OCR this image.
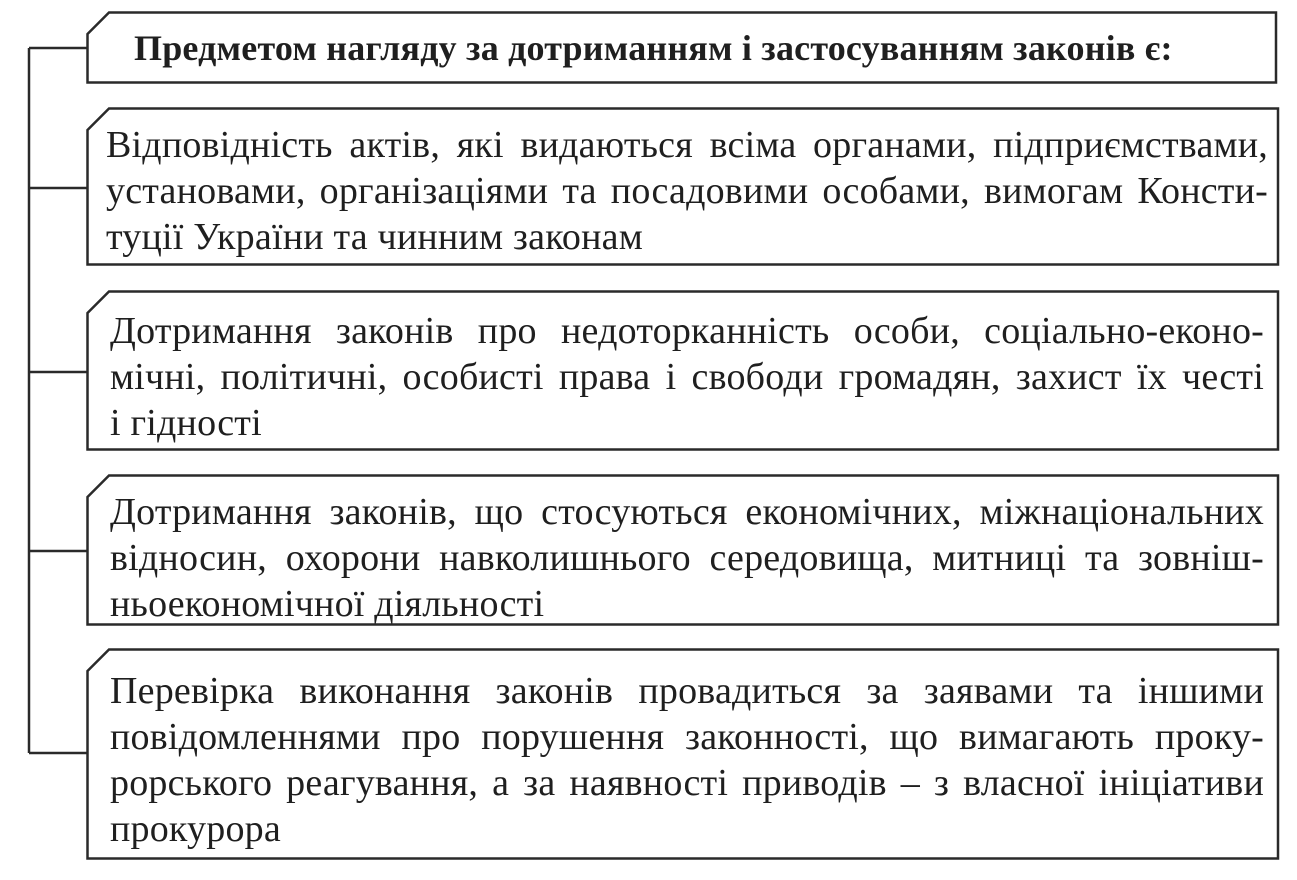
Предметом нагляду за дотриманням і застосуванням законів є:
Відповідність актів, які видаються всіма органами, підприємствами,
установами, організаціями та посадовими особами, вимогам Консти-
туції України та чинним законам
Дотримання законів про недоторканність особи, соціально-еконо-
мічні, політичні, особисті права і свободи громадян, захист їх честі
і гідності
Дотримання законів, що стосуються економічних, міжнаціональних
відносин, охорони навколишнього середовища, митниці та зовніш-
ньоекономічної діяльності
Перевірка виконання законів провадиться за заявами та іншими
повідомленнями про порушення законності, що вимагають проку-
рорського реагування, а за наявності приводів – з власної ініціативи
прокурора
